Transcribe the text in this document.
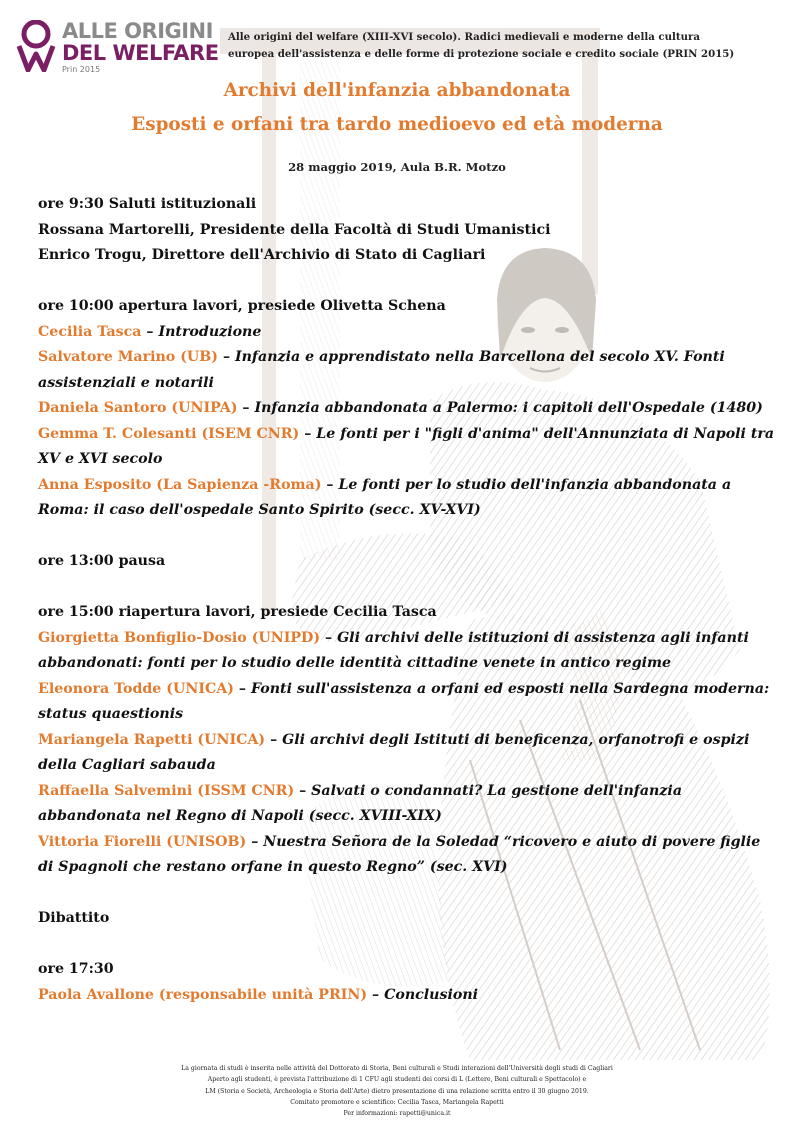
ALLE ORIGINI
DEL WELFARE
Prin 2015
Alle origini del welfare (XIII-XVI secolo). Radici medievali e moderne della cultura
europea dell'assistenza e delle forme di protezione sociale e credito sociale (PRIN 2015)
Archivi dell'infanzia abbandonata
Esposti e orfani tra tardo medioevo ed età moderna
28 maggio 2019, Aula B.R. Motzo
ore 9:30 Saluti istituzionali
Rossana Martorelli, Presidente della Facoltà di Studi Umanistici
Enrico Trogu, Direttore dell'Archivio di Stato di Cagliari
ore 10:00 apertura lavori, presiede Olivetta Schena
Cecilia Tasca – Introduzione
Salvatore Marino (UB) – Infanzia e apprendistato nella Barcellona del secolo XV. Fonti assistenziali e notarili
Daniela Santoro (UNIPA) – Infanzia abbandonata a Palermo: i capitoli dell'Ospedale (1480)
Gemma T. Colesanti (ISEM CNR) – Le fonti per i "figli d'anima" dell'Annunziata di Napoli tra XV e XVI secolo
Anna Esposito (La Sapienza -Roma) – Le fonti per lo studio dell'infanzia abbandonata a Roma: il caso dell'ospedale Santo Spirito (secc. XV-XVI)
ore 13:00 pausa
ore 15:00 riapertura lavori, presiede Cecilia Tasca
Giorgietta Bonfiglio-Dosio (UNIPD) – Gli archivi delle istituzioni di assistenza agli infanti abbandonati: fonti per lo studio delle identità cittadine venete in antico regime
Eleonora Todde (UNICA) – Fonti sull'assistenza a orfani ed esposti nella Sardegna moderna: status quaestionis
Mariangela Rapetti (UNICA) – Gli archivi degli Istituti di beneficenza, orfanotrofi e ospizi della Cagliari sabauda
Raffaella Salvemini (ISSM CNR) – Salvati o condannati? La gestione dell'infanzia abbandonata nel Regno di Napoli (secc. XVIII-XIX)
Vittoria Fiorelli (UNISOB) – Nuestra Señora de la Soledad “ricovero e aiuto di povere figlie di Spagnoli che restano orfane in questo Regno” (sec. XVI)
Dibattito
ore 17:30
Paola Avallone (responsabile unità PRIN) – Conclusioni
La giornata di studi è inserita nelle attività del Dottorato di Storia, Beni culturali e Studi interazioni dell'Università degli studi di Cagliari
Aperto agli studenti, è prevista l'attribuzione di 1 CFU agli studenti dei corsi di L (Lettere, Beni culturali e Spettacolo) e
LM (Storia e Società, Archeologia e Storia dell'Arte) dietro presentazione di una relazione scritta entro il 30 giugno 2019.
Comitato promotore e scientifico: Cecilia Tasca, Mariangela Rapetti
Per informazioni: rapetti@unica.it
